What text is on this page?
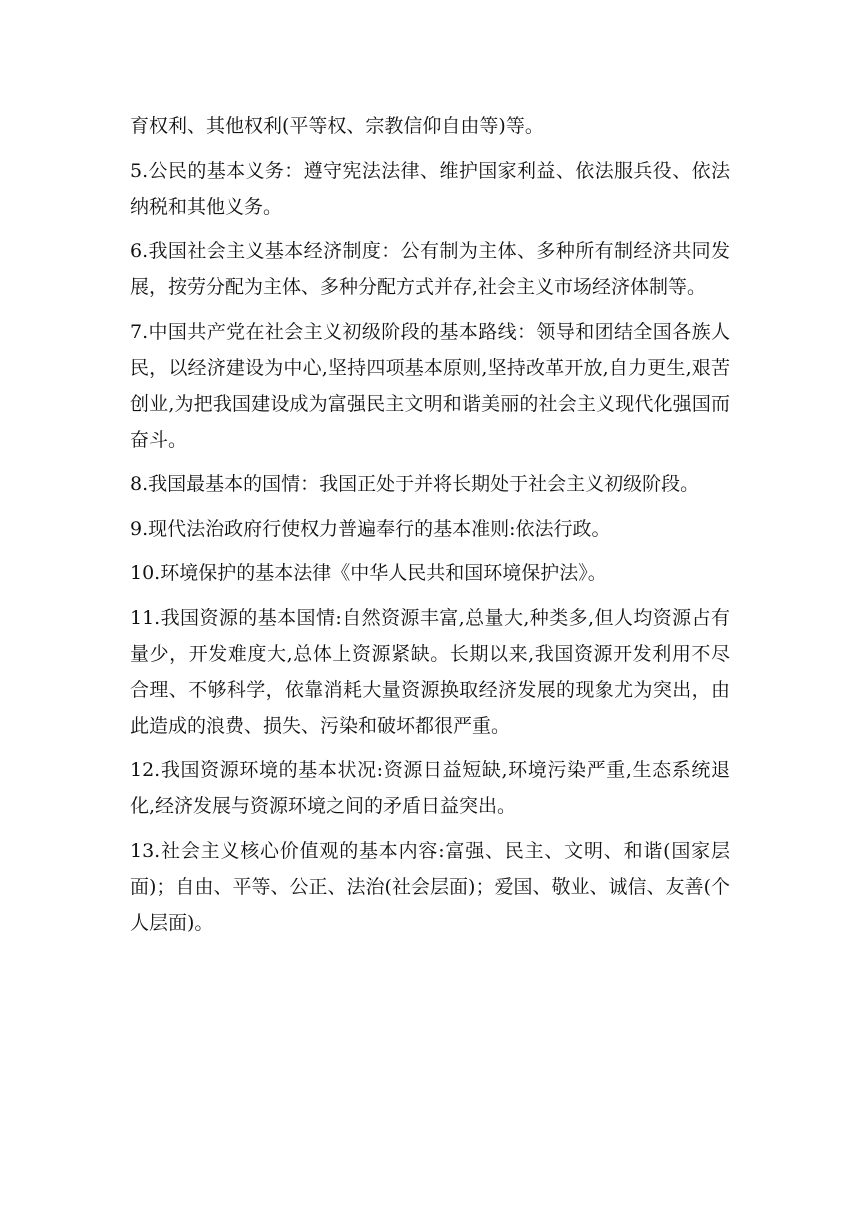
育权利、其他权利(平等权、宗教信仰自由等)等。

5.公民的基本义务：遵守宪法法律、维护国家利益、依法服兵役、依法纳税和其他义务。

6.我国社会主义基本经济制度：公有制为主体、多种所有制经济共同发展，按劳分配为主体、多种分配方式并存,社会主义市场经济体制等。

7.中国共产党在社会主义初级阶段的基本路线：领导和团结全国各族人民，以经济建设为中心,坚持四项基本原则,坚持改革开放,自力更生,艰苦创业,为把我国建设成为富强民主文明和谐美丽的社会主义现代化强国而奋斗。

8.我国最基本的国情：我国正处于并将长期处于社会主义初级阶段。

9.现代法治政府行使权力普遍奉行的基本准则:依法行政。

10.环境保护的基本法律《中华人民共和国环境保护法》。

11.我国资源的基本国情:自然资源丰富,总量大,种类多,但人均资源占有量少，开发难度大,总体上资源紧缺。长期以来,我国资源开发利用不尽合理、不够科学，依靠消耗大量资源换取经济发展的现象尤为突出，由此造成的浪费、损失、污染和破坏都很严重。

12.我国资源环境的基本状况:资源日益短缺,环境污染严重,生态系统退化,经济发展与资源环境之间的矛盾日益突出。

13.社会主义核心价值观的基本内容:富强、民主、文明、和谐(国家层面)；自由、平等、公正、法治(社会层面)；爱国、敬业、诚信、友善(个人层面)。
